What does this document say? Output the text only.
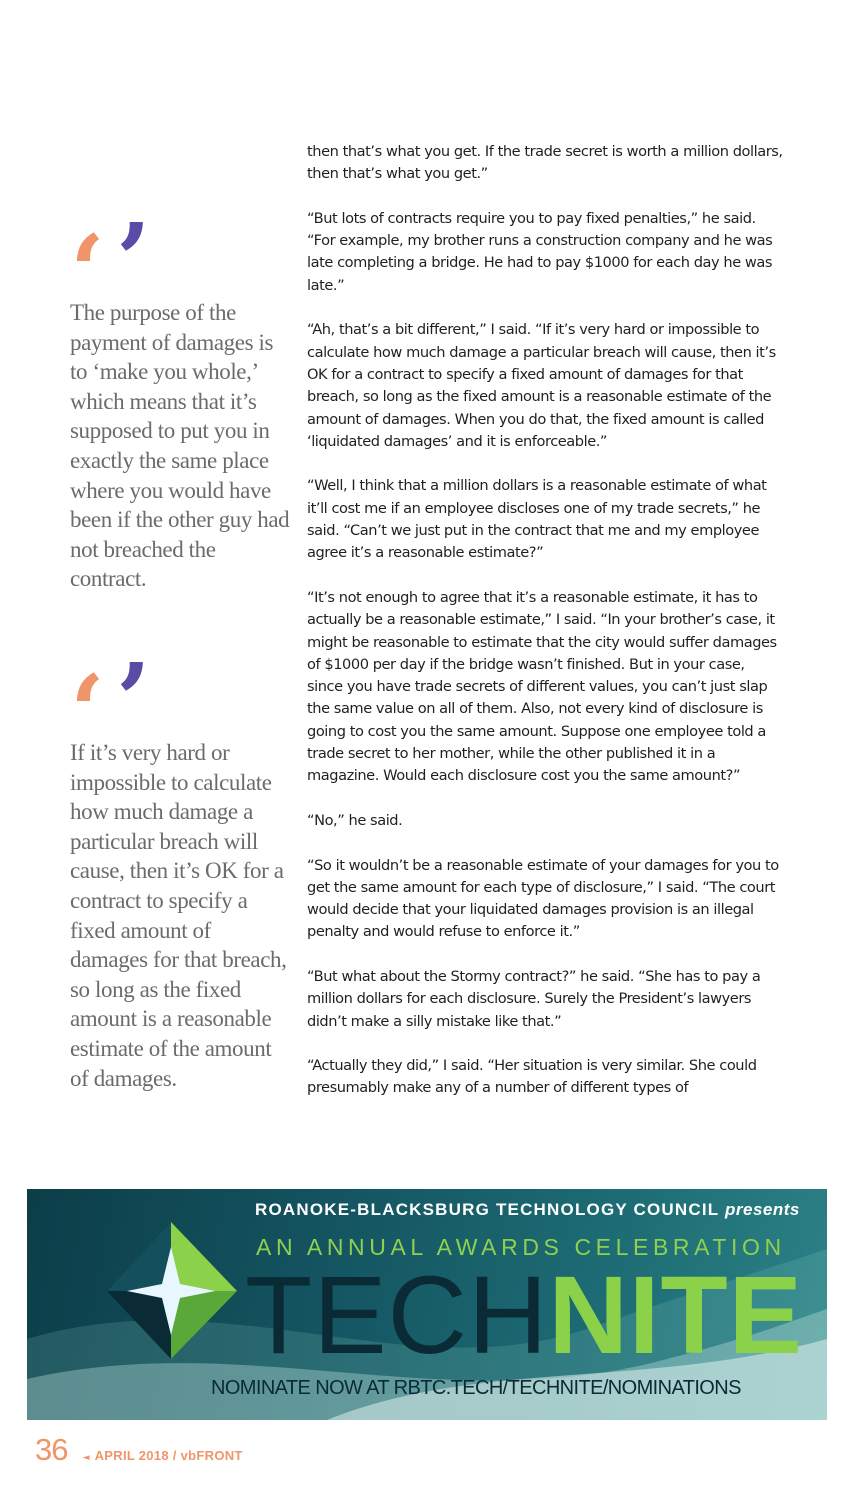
then that’s what you get. If the trade secret is worth a million dollars, then that’s what you get.”

“But lots of contracts require you to pay fixed penalties,” he said. “For example, my brother runs a construction company and he was late completing a bridge. He had to pay $1000 for each day he was late.”

“Ah, that’s a bit different,” I said. “If it’s very hard or impossible to calculate how much damage a particular breach will cause, then it’s OK for a contract to specify a fixed amount of damages for that breach, so long as the fixed amount is a reasonable estimate of the amount of damages. When you do that, the fixed amount is called ‘liquidated damages’ and it is enforceable.”

“Well, I think that a million dollars is a reasonable estimate of what it’ll cost me if an employee discloses one of my trade secrets,” he said. “Can’t we just put in the contract that me and my employee agree it’s a reasonable estimate?”

“It’s not enough to agree that it’s a reasonable estimate, it has to actually be a reasonable estimate,” I said. “In your brother’s case, it might be reasonable to estimate that the city would suffer damages of $1000 per day if the bridge wasn’t finished. But in your case, since you have trade secrets of different values, you can’t just slap the same value on all of them. Also, not every kind of disclosure is going to cost you the same amount. Suppose one employee told a trade secret to her mother, while the other published it in a magazine. Would each disclosure cost you the same amount?”

“No,” he said.

“So it wouldn’t be a reasonable estimate of your damages for you to get the same amount for each type of disclosure,” I said. “The court would decide that your liquidated damages provision is an illegal penalty and would refuse to enforce it.”

“But what about the Stormy contract?” he said. “She has to pay a million dollars for each disclosure. Surely the President’s lawyers didn’t make a silly mistake like that.”

“Actually they did,” I said. “Her situation is very similar. She could presumably make any of a number of different types of

‘ ’

The purpose of the payment of damages is to ‘make you whole,’ which means that it’s supposed to put you in exactly the same place where you would have been if the other guy had not breached the contract.

‘ ’

If it’s very hard or impossible to calculate how much damage a particular breach will cause, then it’s OK for a contract to specify a fixed amount of damages for that breach, so long as the fixed amount is a reasonable estimate of the amount of damages.

ROANOKE-BLACKSBURG TECHNOLOGY COUNCIL presents
AN ANNUAL AWARDS CELEBRATION
TECHNITE
NOMINATE NOW AT RBTC.TECH/TECHNITE/NOMINATIONS
36 ◄ APRIL 2018 / vbFRONT
